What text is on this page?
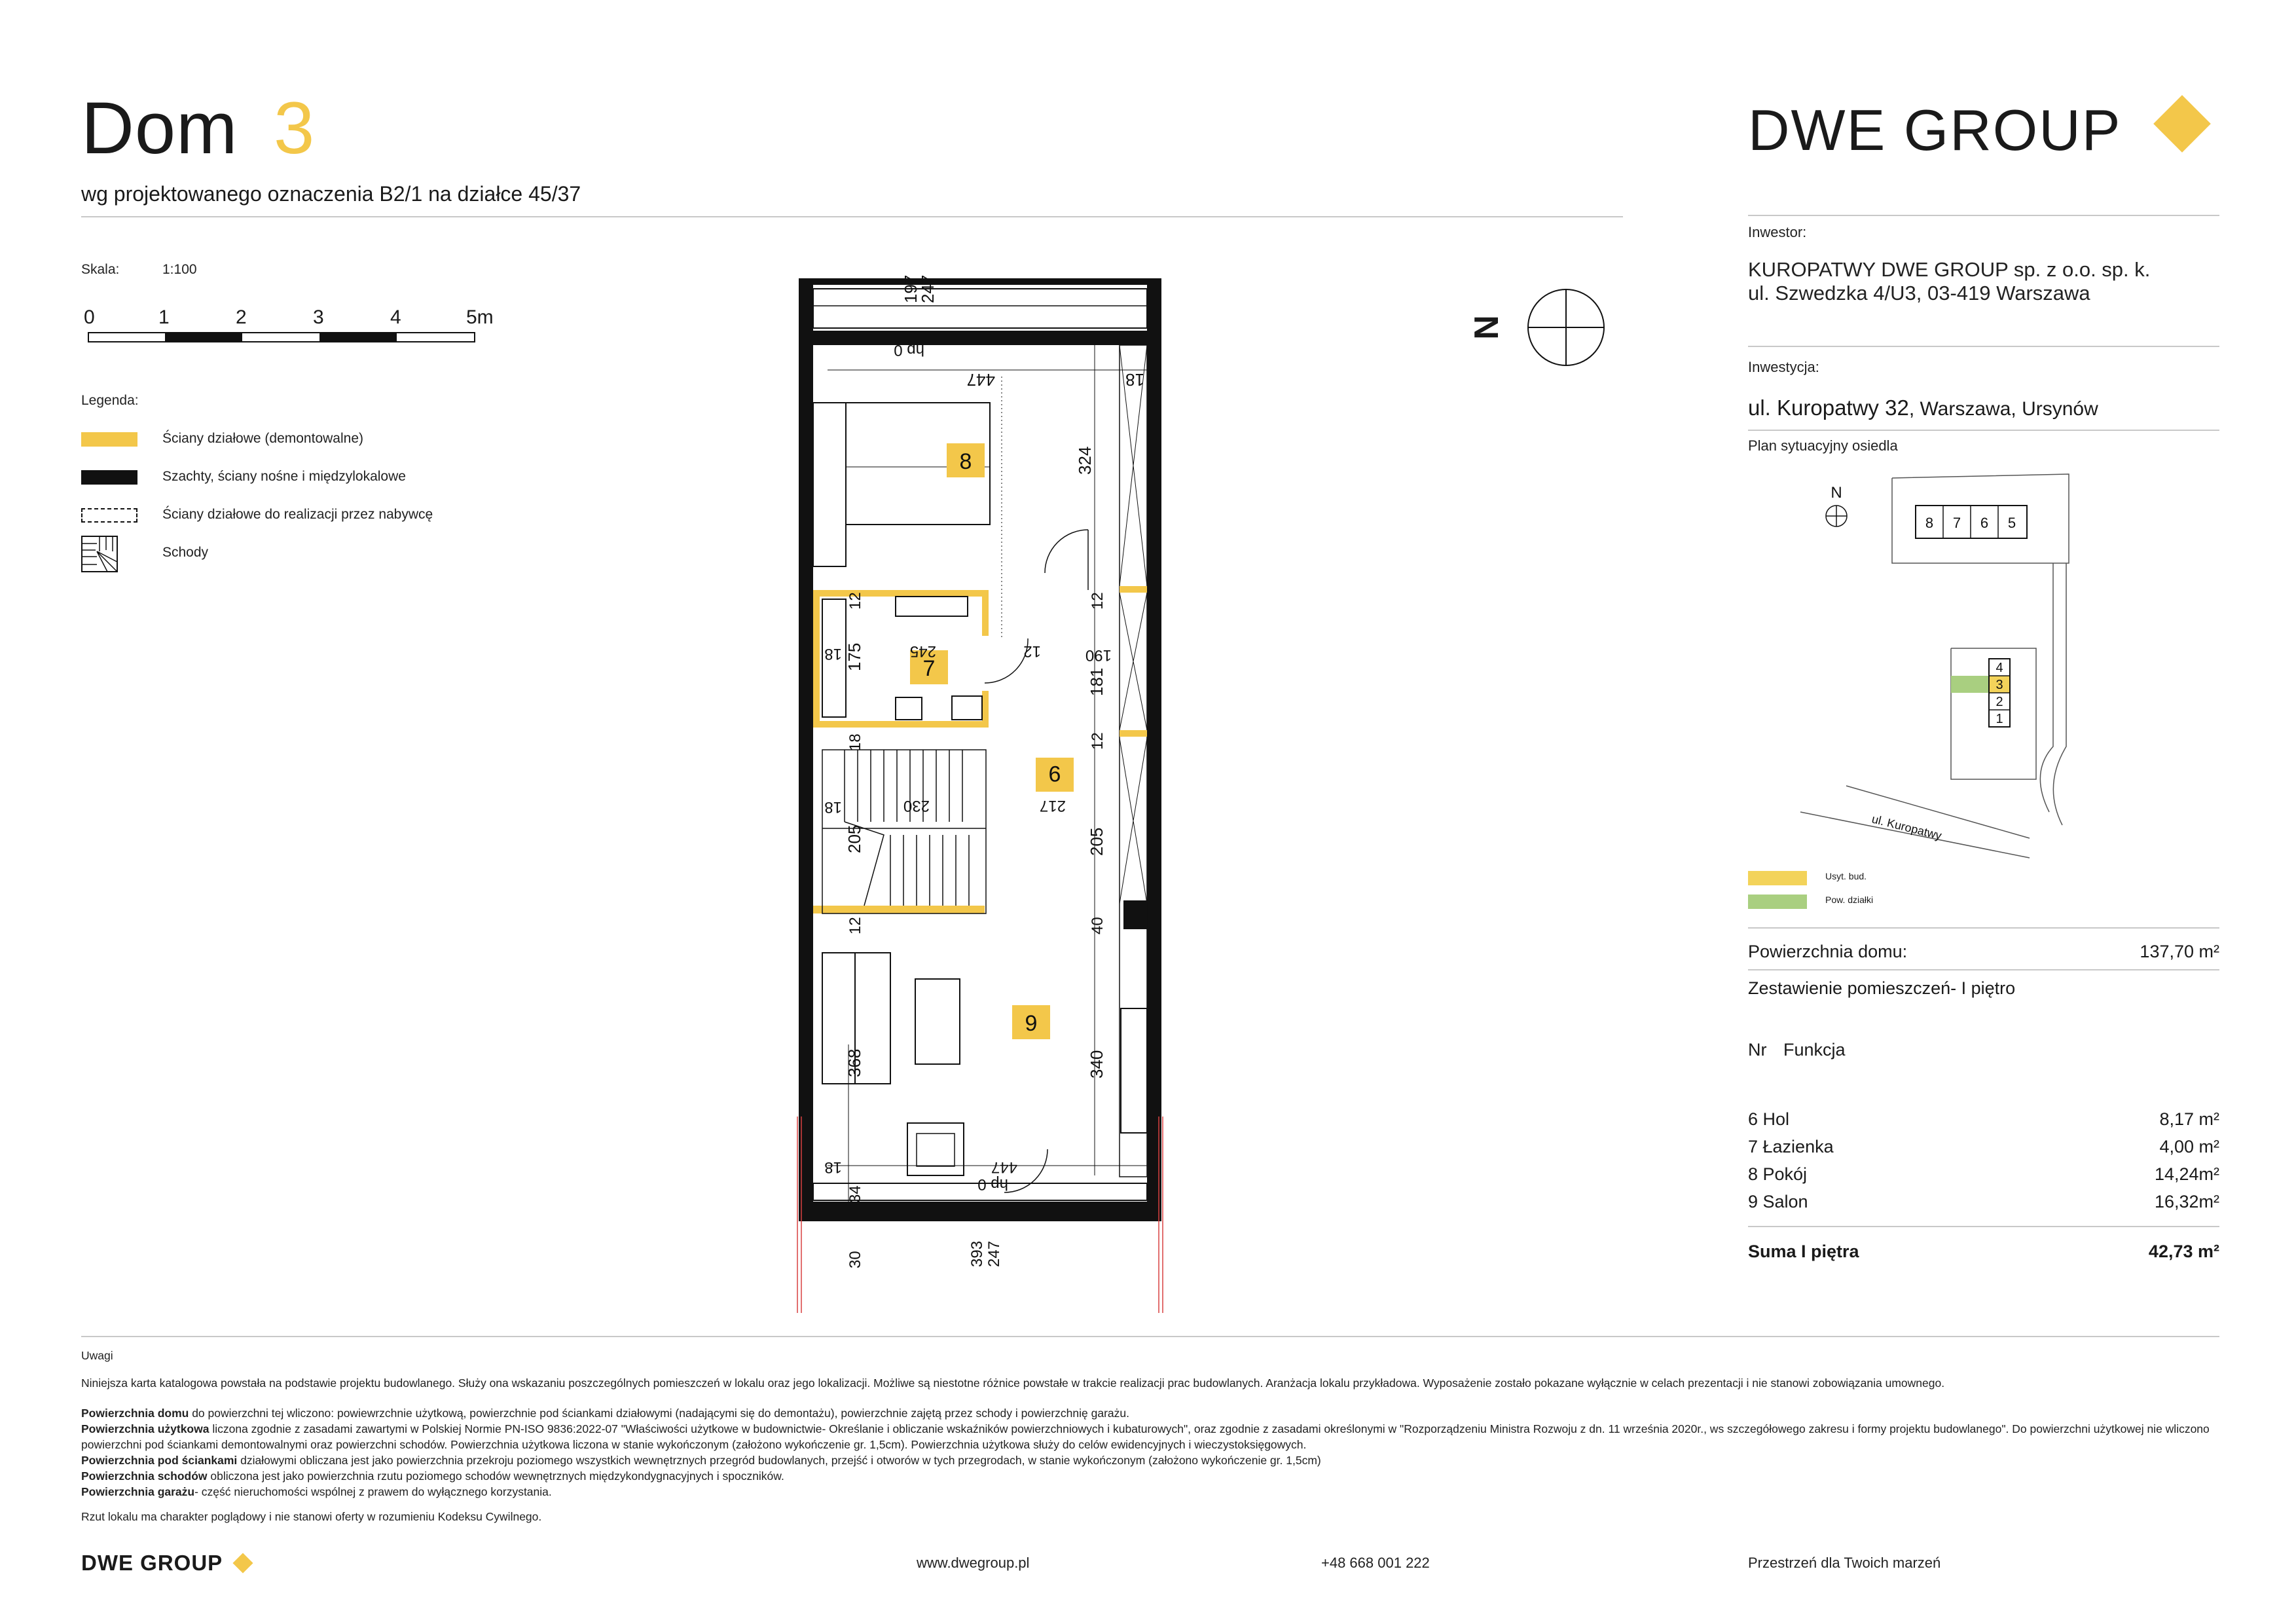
Dom 3
wg projektowanego oznaczenia B2/1 na działce 45/37
Skala:	1:100
0	1	2	3	4	5m
Legenda:
Ściany działowe (demontowalne)
Szachty, ściany nośne i międzylokalowe
Ściany działowe do realizacji przez nabywcę
Schody
8
7
9
9
197
247
hp 0
447	18
324
12	12
190
245	12
18 175
181
18	12
230	217
18
205	205
12	40
368	340
18	447
hp 0
34
30	393 247
N
DWE GROUP
Inwestor:
KUROPATWY DWE GROUP sp. z o.o. sp. k.
ul. Szwedzka 4/U3, 03-419 Warszawa
Inwestycja:
ul. Kuropatwy 32, Warszawa, Ursynów
Plan sytuacyjny osiedla
N
8 7 6 5
4
3
2
1
ul. Kuropatwy
Usyt. bud.
Pow. działki
Powierzchnia domu:	137,70 m²
Zestawienie pomieszczeń- I piętro
Nr Funkcja
6 Hol	8,17 m²
7 Łazienka	4,00 m²
8 Pokój	14,24m²
9 Salon	16,32m²
Suma I piętra	42,73 m²
Uwagi
Niniejsza karta katalogowa powstała na podstawie projektu budowlanego. Służy ona wskazaniu poszczególnych pomieszczeń w lokalu oraz jego lokalizacji. Możliwe są niestotne różnice powstałe w trakcie realizacji prac budowlanych. Aranżacja lokalu przykładowa. Wyposażenie zostało pokazane wyłącznie w celach prezentacji i nie stanowi zobowiązania umownego.
Powierzchnia domu do powierzchni tej wliczono: powiewrzchnie użytkową, powierzchnie pod ściankami działowymi (nadającymi się do demontażu), powierzchnie zajętą przez schody i powierzchnię garażu.
Powierzchnia użytkowa liczona zgodnie z zasadami zawartymi w Polskiej Normie PN-ISO 9836:2022-07 "Właściwości użytkowe w budownictwie- Określanie i obliczanie wskaźników powierzchniowych i kubaturowych", oraz zgodnie z zasadami określonymi w "Rozporządzeniu Ministra Rozwoju z dn. 11 września 2020r., ws szczegółowego zakresu i formy projektu budowlanego". Do powierzchni użytkowej nie wliczono powierzchni pod ściankami demontowalnymi oraz powierzchni schodów. Powierzchnia użytkowa liczona w stanie wykończonym (założono wykończenie gr. 1,5cm). Powierzchnia użytkowa służy do celów ewidencyjnych i wieczystoksięgowych.
Powierzchnia pod ściankami działowymi obliczana jest jako powierzchnia przekroju poziomego wszystkich wewnętrznych przegród budowlanych, przejść i otworów w tych przegrodach, w stanie wykończonym (założono wykończenie gr. 1,5cm)
Powierzchnia schodów obliczona jest jako powierzchnia rzutu poziomego schodów wewnętrznych międzykondygnacyjnych i spoczników.
Powierzchnia garażu- część nieruchomości wspólnej z prawem do wyłącznego korzystania.
Rzut lokalu ma charakter poglądowy i nie stanowi oferty w rozumieniu Kodeksu Cywilnego.
DWE GROUP	www.dwegroup.pl	+48 668 001 222	Przestrzeń dla Twoich marzeń
